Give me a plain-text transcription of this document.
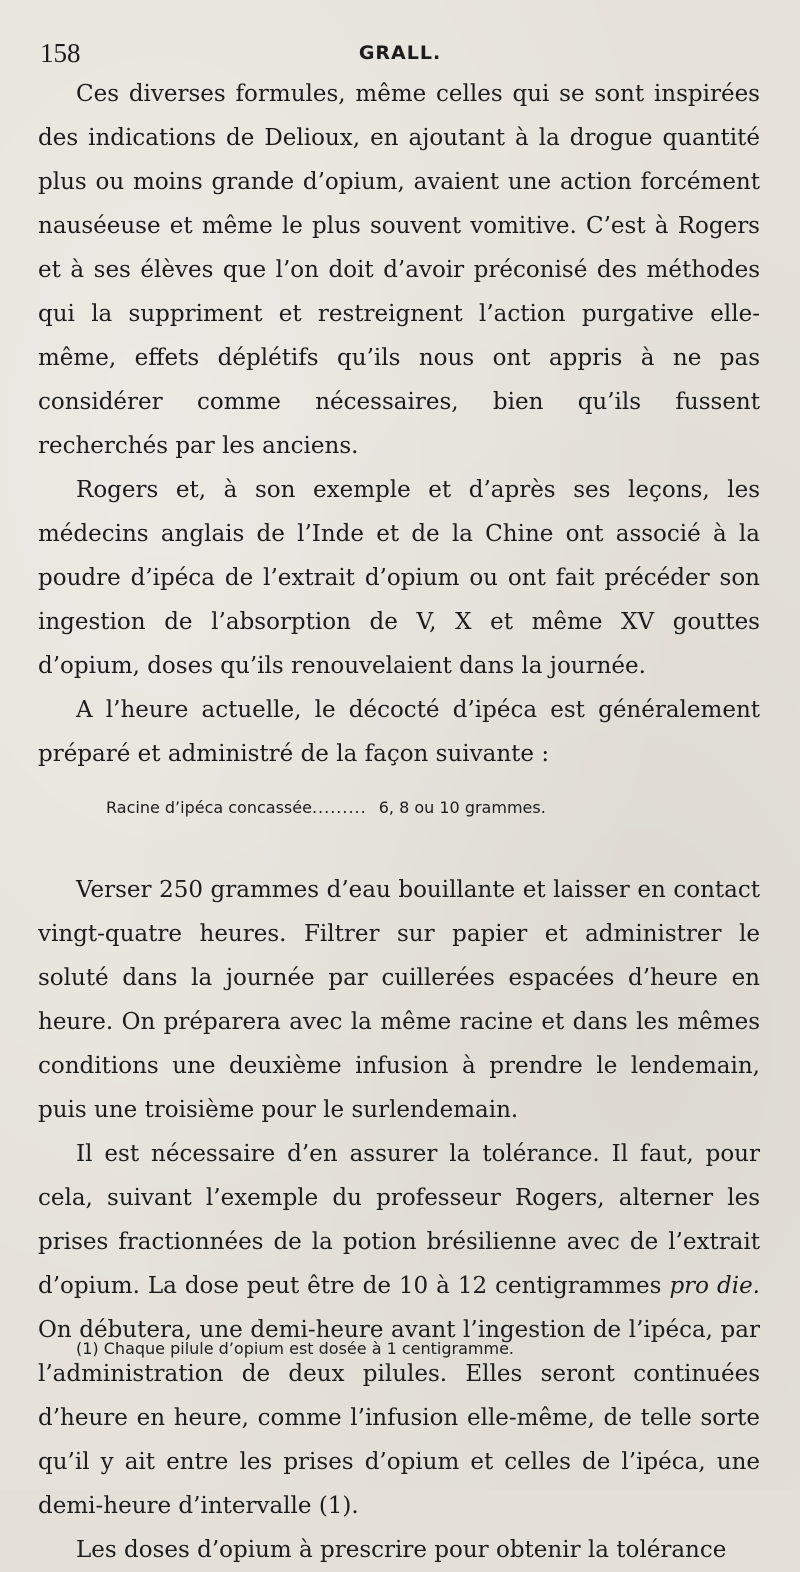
158	GRALL.

Ces diverses formules, même celles qui se sont inspirées des indications de Delioux, en ajoutant à la drogue quantité plus ou moins grande d’opium, avaient une action forcément nauséeuse et même le plus souvent vomitive. C’est à Rogers et à ses élèves que l’on doit d’avoir préconisé des méthodes qui la suppriment et restreignent l’action purgative elle-même, effets déplétifs qu’ils nous ont appris à ne pas considérer comme nécessaires, bien qu’ils fussent recherchés par les anciens.

Rogers et, à son exemple et d’après ses leçons, les médecins anglais de l’Inde et de la Chine ont associé à la poudre d’ipéca de l’extrait d’opium ou ont fait précéder son ingestion de l’absorption de V, X et même XV gouttes d’opium, doses qu’ils renouvelaient dans la journée.

A l’heure actuelle, le décocté d’ipéca est généralement préparé et administré de la façon suivante :

Racine d’ipéca concassée......... 6, 8 ou 10 grammes.

Verser 250 grammes d’eau bouillante et laisser en contact vingt-quatre heures. Filtrer sur papier et administrer le soluté dans la journée par cuillerées espacées d’heure en heure. On préparera avec la même racine et dans les mêmes conditions une deuxième infusion à prendre le lendemain, puis une troisième pour le surlendemain.

Il est nécessaire d’en assurer la tolérance. Il faut, pour cela, suivant l’exemple du professeur Rogers, alterner les prises fractionnées de la potion brésilienne avec de l’extrait d’opium. La dose peut être de 10 à 12 centigrammes pro die. On débutera, une demi-heure avant l’ingestion de l’ipéca, par l’administration de deux pilules. Elles seront continuées d’heure en heure, comme l’infusion elle-même, de telle sorte qu’il y ait entre les prises d’opium et celles de l’ipéca, une demi-heure d’intervalle (1).

Les doses d’opium à prescrire pour obtenir la tolérance

(1) Chaque pilule d’opium est dosée à 1 centigramme.
